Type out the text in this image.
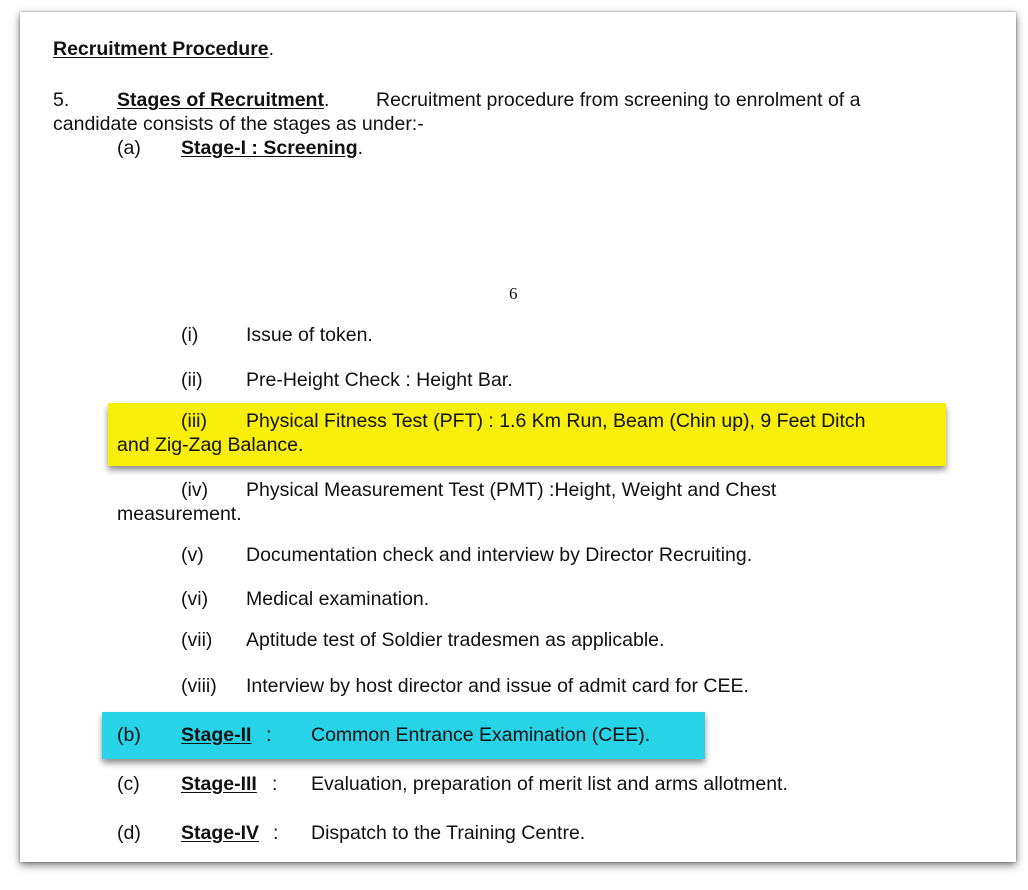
Recruitment Procedure.
5. Stages of Recruitment. Recruitment procedure from screening to enrolment of a
candidate consists of the stages as under:-
(a) Stage-I : Screening.
6
(i) Issue of token.
(ii) Pre-Height Check : Height Bar.
(iii) Physical Fitness Test (PFT) : 1.6 Km Run, Beam (Chin up), 9 Feet Ditch
and Zig-Zag Balance.
(iv) Physical Measurement Test (PMT) :Height, Weight and Chest
measurement.
(v) Documentation check and interview by Director Recruiting.
(vi) Medical examination.
(vii) Aptitude test of Soldier tradesmen as applicable.
(viii) Interview by host director and issue of admit card for CEE.
(b) Stage-II : Common Entrance Examination (CEE).
(c) Stage-III : Evaluation, preparation of merit list and arms allotment.
(d) Stage-IV : Dispatch to the Training Centre.
